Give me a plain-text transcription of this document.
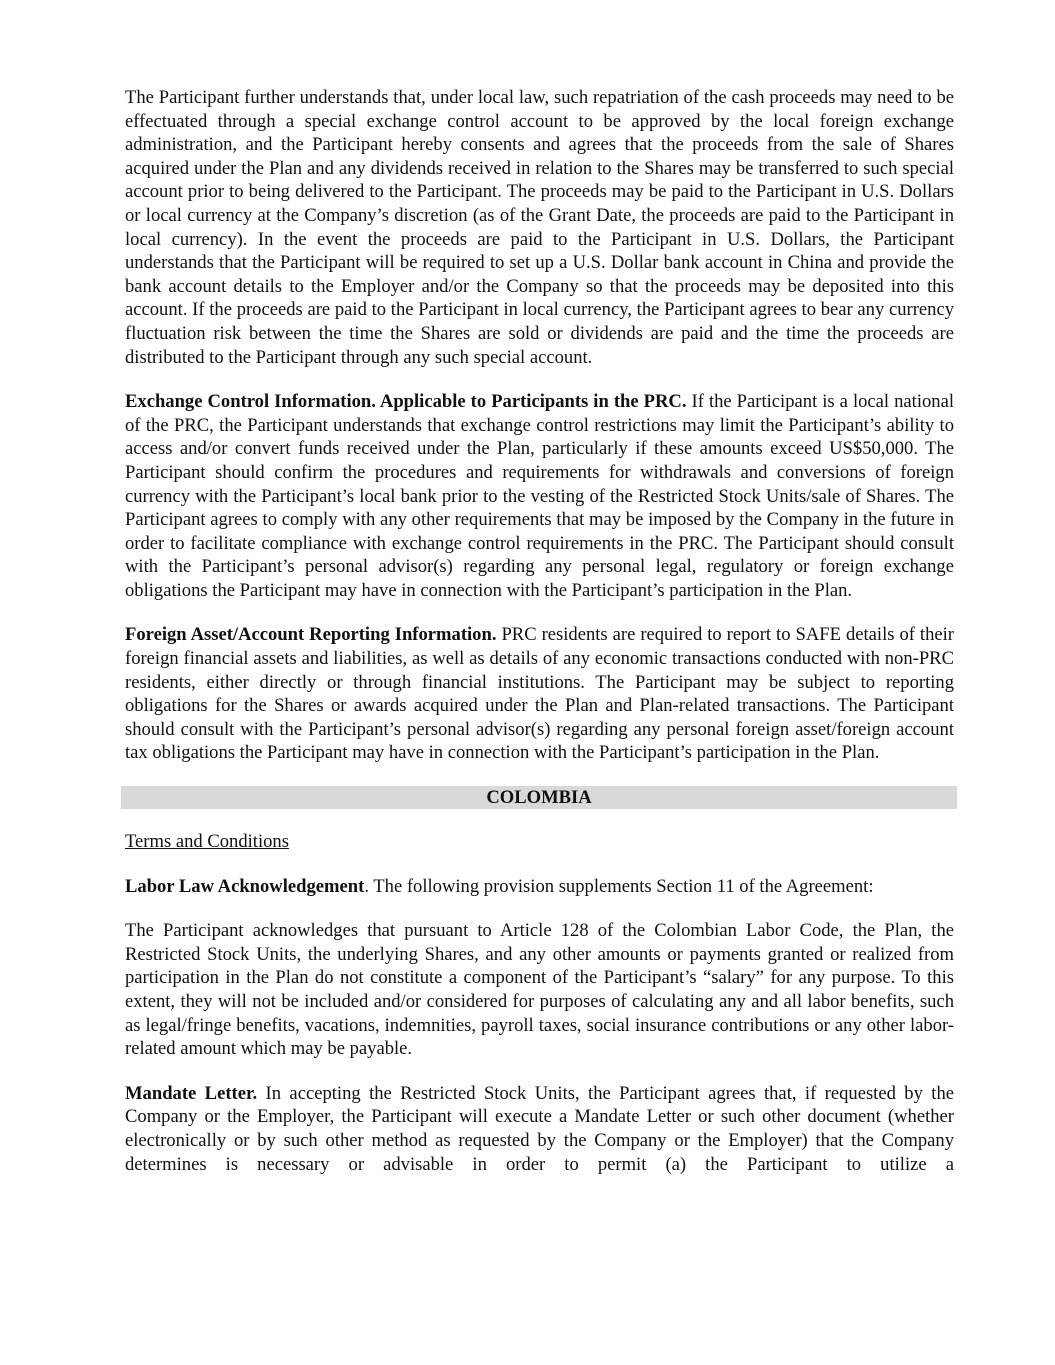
The Participant further understands that, under local law, such repatriation of the cash proceeds may need to be effectuated through a special exchange control account to be approved by the local foreign exchange administration, and the Participant hereby consents and agrees that the proceeds from the sale of Shares acquired under the Plan and any dividends received in relation to the Shares may be transferred to such special account prior to being delivered to the Participant. The proceeds may be paid to the Participant in U.S. Dollars or local currency at the Company’s discretion (as of the Grant Date, the proceeds are paid to the Participant in local currency). In the event the proceeds are paid to the Participant in U.S. Dollars, the Participant understands that the Participant will be required to set up a U.S. Dollar bank account in China and provide the bank account details to the Employer and/or the Company so that the proceeds may be deposited into this account. If the proceeds are paid to the Participant in local currency, the Participant agrees to bear any currency fluctuation risk between the time the Shares are sold or dividends are paid and the time the proceeds are distributed to the Participant through any such special account.

Exchange Control Information. Applicable to Participants in the PRC. If the Participant is a local national of the PRC, the Participant understands that exchange control restrictions may limit the Participant’s ability to access and/or convert funds received under the Plan, particularly if these amounts exceed US$50,000. The Participant should confirm the procedures and requirements for withdrawals and conversions of foreign currency with the Participant’s local bank prior to the vesting of the Restricted Stock Units/sale of Shares. The Participant agrees to comply with any other requirements that may be imposed by the Company in the future in order to facilitate compliance with exchange control requirements in the PRC. The Participant should consult with the Participant’s personal advisor(s) regarding any personal legal, regulatory or foreign exchange obligations the Participant may have in connection with the Participant’s participation in the Plan.

Foreign Asset/Account Reporting Information. PRC residents are required to report to SAFE details of their foreign financial assets and liabilities, as well as details of any economic transactions conducted with non-PRC residents, either directly or through financial institutions. The Participant may be subject to reporting obligations for the Shares or awards acquired under the Plan and Plan-related transactions. The Participant should consult with the Participant’s personal advisor(s) regarding any personal foreign asset/foreign account tax obligations the Participant may have in connection with the Participant’s participation in the Plan.

COLOMBIA
Terms and Conditions

Labor Law Acknowledgement. The following provision supplements Section 11 of the Agreement:

The Participant acknowledges that pursuant to Article 128 of the Colombian Labor Code, the Plan, the Restricted Stock Units, the underlying Shares, and any other amounts or payments granted or realized from participation in the Plan do not constitute a component of the Participant’s “salary” for any purpose. To this extent, they will not be included and/or considered for purposes of calculating any and all labor benefits, such as legal/fringe benefits, vacations, indemnities, payroll taxes, social insurance contributions or any other labor-related amount which may be payable.

Mandate Letter. In accepting the Restricted Stock Units, the Participant agrees that, if requested by the Company or the Employer, the Participant will execute a Mandate Letter or such other document (whether electronically or by such other method as requested by the Company or the Employer) that the Company determines is necessary or advisable in order to permit (a) the Participant to utilize a
